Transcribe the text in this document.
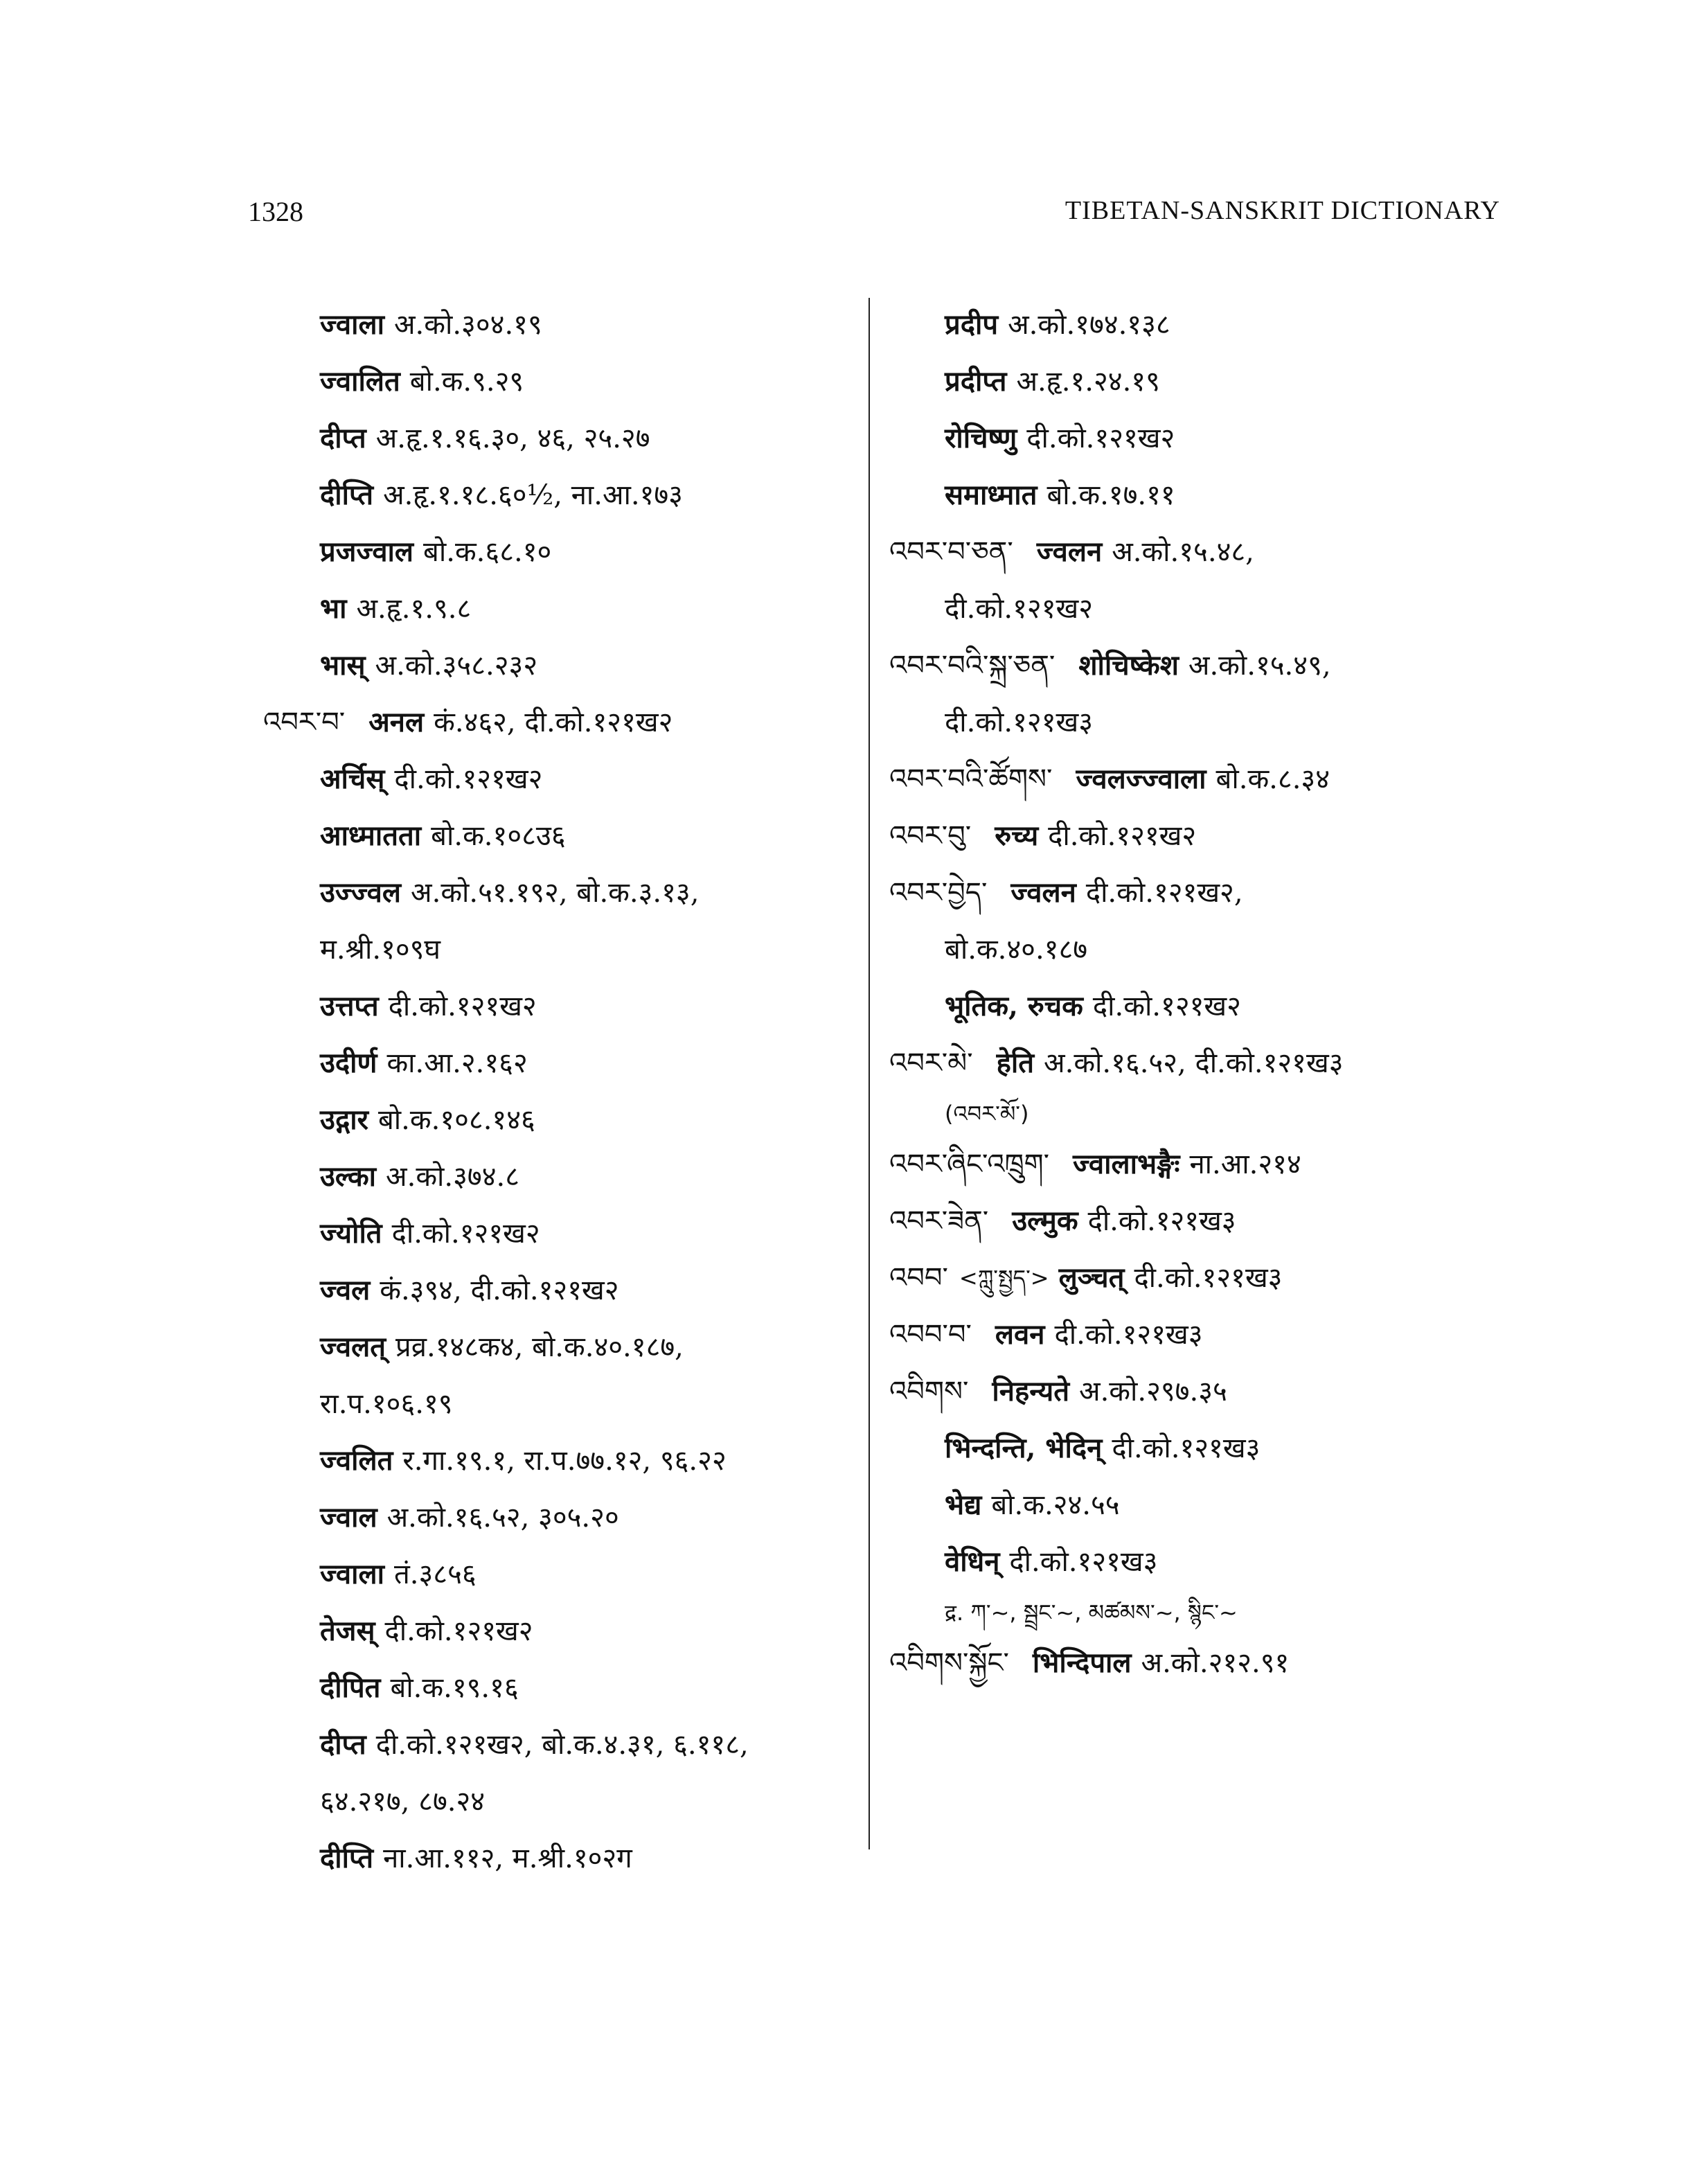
1328	TIBETAN-SANSKRIT DICTIONARY
ज्वाला अ.को.३०४.१९
ज्वालित बो.क.९.२९
दीप्त अ.हृ.१.१६.३०, ४६, २५.२७
दीप्ति अ.हृ.१.१८.६०½, ना.आ.१७३
प्रजज्वाल बो.क.६८.१०
भा अ.हृ.१.९.८
भास् अ.को.३५८.२३२
འབར་བ་ अनल कं.४६२, दी.को.१२१ख२
अर्चिस् दी.को.१२१ख२
आध्मातता बो.क.१०८उ६
उज्ज्वल अ.को.५१.१९२, बो.क.३.१३,
म.श्री.१०९घ
उत्तप्त दी.को.१२१ख२
उदीर्ण का.आ.२.१६२
उद्गार बो.क.१०८.१४६
उल्का अ.को.३७४.८
ज्योति दी.को.१२१ख२
ज्वल कं.३९४, दी.को.१२१ख२
ज्वलत् प्रव्र.१४८क४, बो.क.४०.१८७,
रा.प.१०६.१९
ज्वलित र.गा.१९.१, रा.प.७७.१२, ९६.२२
ज्वाल अ.को.१६.५२, ३०५.२०
ज्वाला तं.३८५६
तेजस् दी.को.१२१ख२
दीपित बो.क.१९.१६
दीप्त दी.को.१२१ख२, बो.क.४.३१, ६.११८,
६४.२१७, ८७.२४
दीप्ति ना.आ.११२, म.श्री.१०२ग
प्रदीप अ.को.१७४.१३८
प्रदीप्त अ.हृ.१.२४.१९
रोचिष्णु दी.को.१२१ख२
समाध्मात बो.क.१७.११
འབར་བ་ཅན་ ज्वलन अ.को.१५.४८,
दी.को.१२१ख२
འབར་བའི་སྐྲ་ཅན་ शोचिष्केश अ.को.१५.४९,
दी.को.१२१ख३
འབར་བའི་ཚོགས་ ज्वलज्ज्वाला बो.क.८.३४
འབར་བུ་ रुच्य दी.को.१२१ख२
འབར་བྱེད་ ज्वलन दी.को.१२१ख२,
बो.क.४०.१८७
भूतिक, रुचक दी.को.१२१ख२
འབར་མེ་ हेति अ.को.१६.५२, दी.को.१२१ख३
(འབར་མོ་)
འབར་ཞིང་འཁྲུག་ ज्वालाभङ्गैः ना.आ.२१४
འབར་ཟེན་ उल्मुक दी.को.१२१ख३
འབབ་ <ཀླུ་སྤྱད་> लुञ्चत् दी.को.१२१ख३
འབབ་བ་ लवन दी.को.१२१ख३
འབིགས་ निहन्यते अ.को.२९७.३५
भिन्दन्ति, भेदिन् दी.को.१२१ख३
भेद्य बो.क.२४.५५
वेधिन् दी.को.१२१ख३
द्र. ཀ་~, སྦྲང་~, མཚམས་~, སྙིང་~
འབིགས་སྐྱོང་ भिन्दिपाल अ.को.२१२.९१
